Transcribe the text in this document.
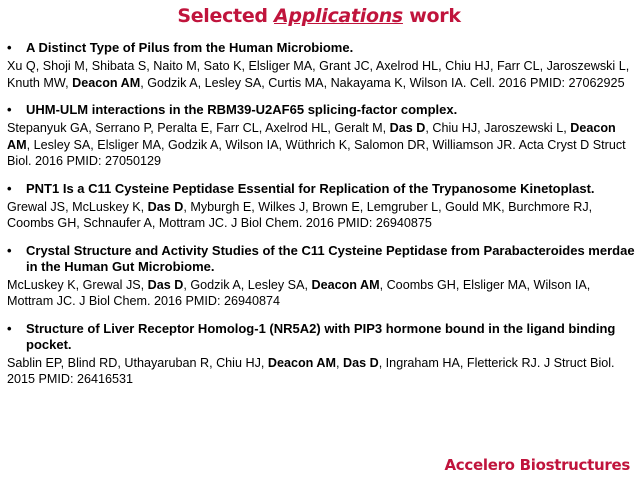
Selected Applications work
• A Distinct Type of Pilus from the Human Microbiome.

Xu Q, Shoji M, Shibata S, Naito M, Sato K, Elsliger MA, Grant JC, Axelrod HL, Chiu HJ, Farr CL, Jaroszewski L, Knuth MW, Deacon AM, Godzik A, Lesley SA, Curtis MA, Nakayama K, Wilson IA. Cell. 2016 PMID: 27062925

• UHM-ULM interactions in the RBM39-U2AF65 splicing-factor complex.

Stepanyuk GA, Serrano P, Peralta E, Farr CL, Axelrod HL, Geralt M, Das D, Chiu HJ, Jaroszewski L, Deacon AM, Lesley SA, Elsliger MA, Godzik A, Wilson IA, Wüthrich K, Salomon DR, Williamson JR. Acta Cryst D Struct Biol. 2016 PMID: 27050129

• PNT1 Is a C11 Cysteine Peptidase Essential for Replication of the Trypanosome Kinetoplast.

Grewal JS, McLuskey K, Das D, Myburgh E, Wilkes J, Brown E, Lemgruber L, Gould MK, Burchmore RJ, Coombs GH, Schnaufer A, Mottram JC. J Biol Chem. 2016 PMID: 26940875

• Crystal Structure and Activity Studies of the C11 Cysteine Peptidase from Parabacteroides merdae in the Human Gut Microbiome.

McLuskey K, Grewal JS, Das D, Godzik A, Lesley SA, Deacon AM, Coombs GH, Elsliger MA, Wilson IA, Mottram JC. J Biol Chem. 2016 PMID: 26940874

• Structure of Liver Receptor Homolog-1 (NR5A2) with PIP3 hormone bound in the ligand binding pocket.

Sablin EP, Blind RD, Uthayaruban R, Chiu HJ, Deacon AM, Das D, Ingraham HA, Fletterick RJ. J Struct Biol. 2015 PMID: 26416531

Accelero Biostructures
